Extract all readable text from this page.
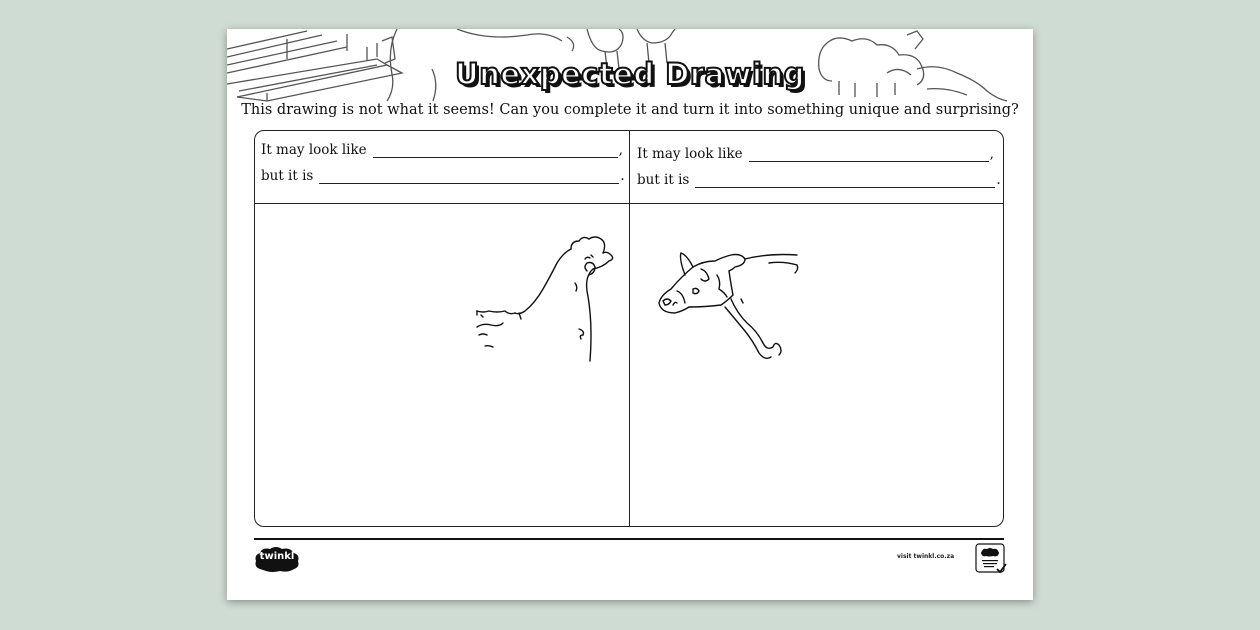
Unexpected Drawing
This drawing is not what it seems! Can you complete it and turn it into something unique and surprising?
It may look like	,
but it is	.
It may look like	,
but it is	.
twinkl	visit twinkl.co.za
